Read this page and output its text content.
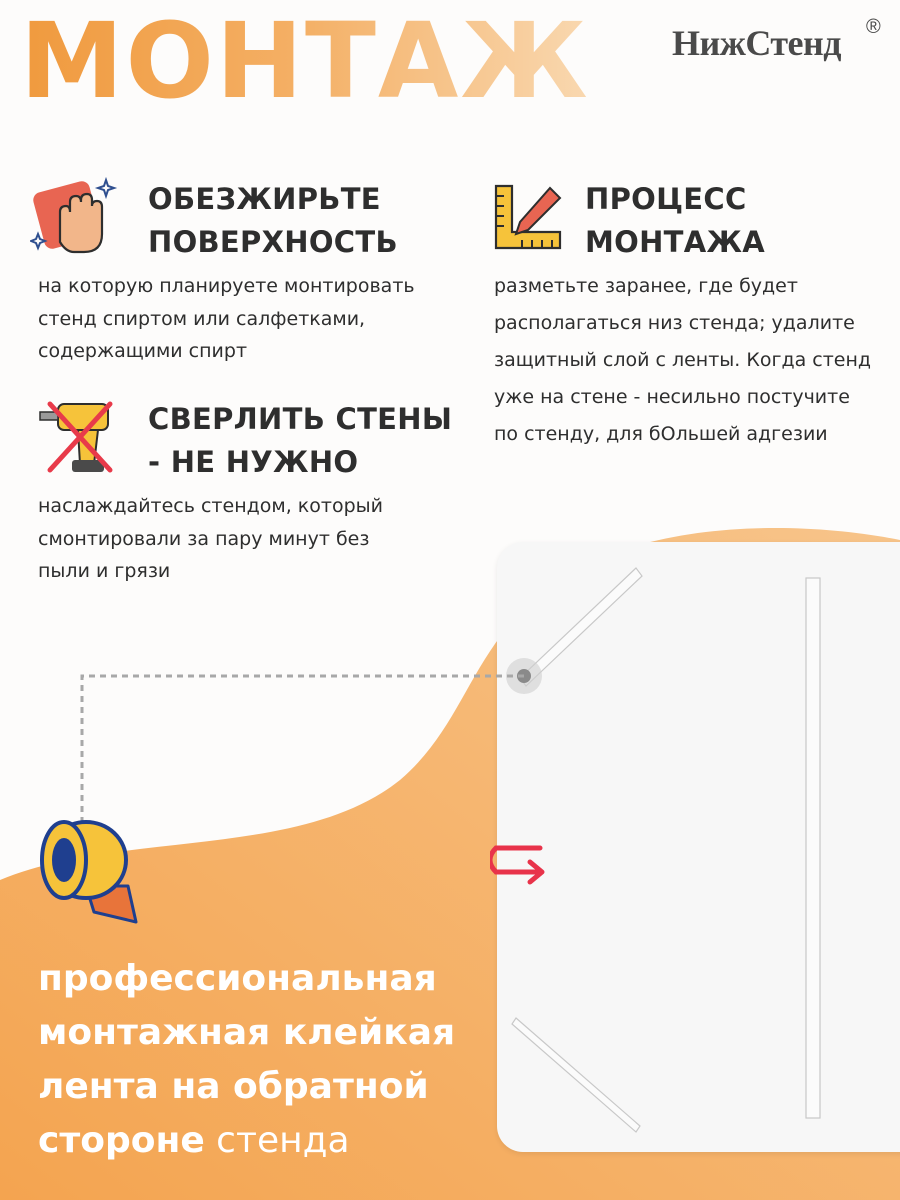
МОНТАЖ НижСтенд ®
ОБЕЗЖИРЬТЕ
ПОВЕРХНОСТЬ
на которую планируете монтировать
стенд спиртом или салфетками,
содержащими спирт
ПРОЦЕСС
МОНТАЖА
разметьте заранее, где будет
располагаться низ стенда; удалите
защитный слой с ленты. Когда стенд
уже на стене - несильно постучите
по стенду, для бОльшей адгезии
СВЕРЛИТЬ СТЕНЫ
- НЕ НУЖНО
наслаждайтесь стендом, который
смонтировали за пару минут без
пыли и грязи
профессиональная
монтажная клейкая
лента на обратной
стороне стенда
